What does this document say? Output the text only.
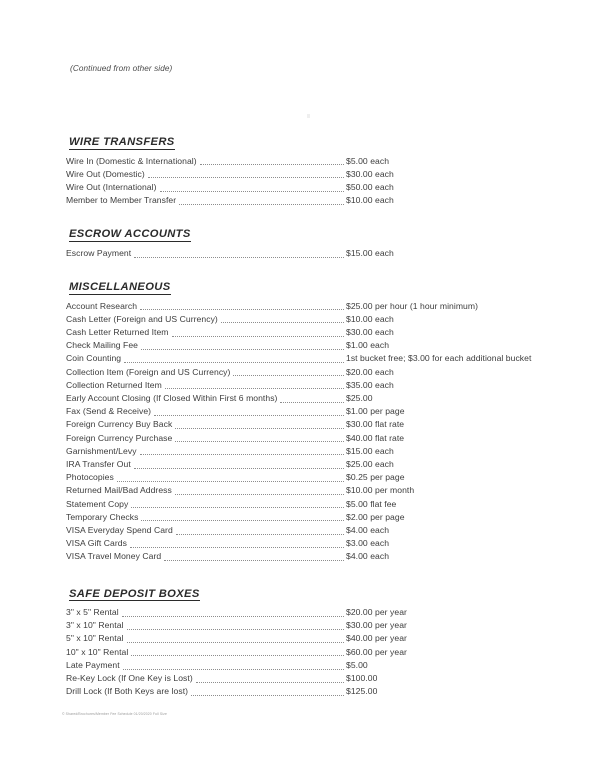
(Continued from other side)
WIRE TRANSFERS
Wire In (Domestic & International)	$5.00 each
Wire Out (Domestic)	$30.00 each
Wire Out (International)	$50.00 each
Member to Member Transfer	$10.00 each
ESCROW ACCOUNTS
Escrow Payment	$15.00 each
MISCELLANEOUS
Account Research	$25.00 per hour (1 hour minimum)
Cash Letter (Foreign and US Currency)	$10.00 each
Cash Letter Returned Item	$30.00 each
Check Mailing Fee	$1.00 each
Coin Counting	1st bucket free; $3.00 for each additional bucket
Collection Item (Foreign and US Currency)	$20.00 each
Collection Returned Item	$35.00 each
Early Account Closing (If Closed Within First 6 months)	$25.00
Fax (Send & Receive)	$1.00 per page
Foreign Currency Buy Back	$30.00 flat rate
Foreign Currency Purchase	$40.00 flat rate
Garnishment/Levy	$15.00 each
IRA Transfer Out	$25.00 each
Photocopies	$0.25 per page
Returned Mail/Bad Address	$10.00 per month
Statement Copy	$5.00 flat fee
Temporary Checks	$2.00 per page
VISA Everyday Spend Card	$4.00 each
VISA Gift Cards	$3.00 each
VISA Travel Money Card	$4.00 each
SAFE DEPOSIT BOXES
3" x 5" Rental	$20.00 per year
3" x 10" Rental	$30.00 per year
5" x 10" Rental	$40.00 per year
10" x 10" Rental	$60.00 per year
Late Payment	$5.00
Re-Key Lock (If One Key is Lost)	$100.00
Drill Lock (If Both Keys are lost)	$125.00
© Shared/Brochures/Member Fee Schedule 01/20/2020 Full Size
